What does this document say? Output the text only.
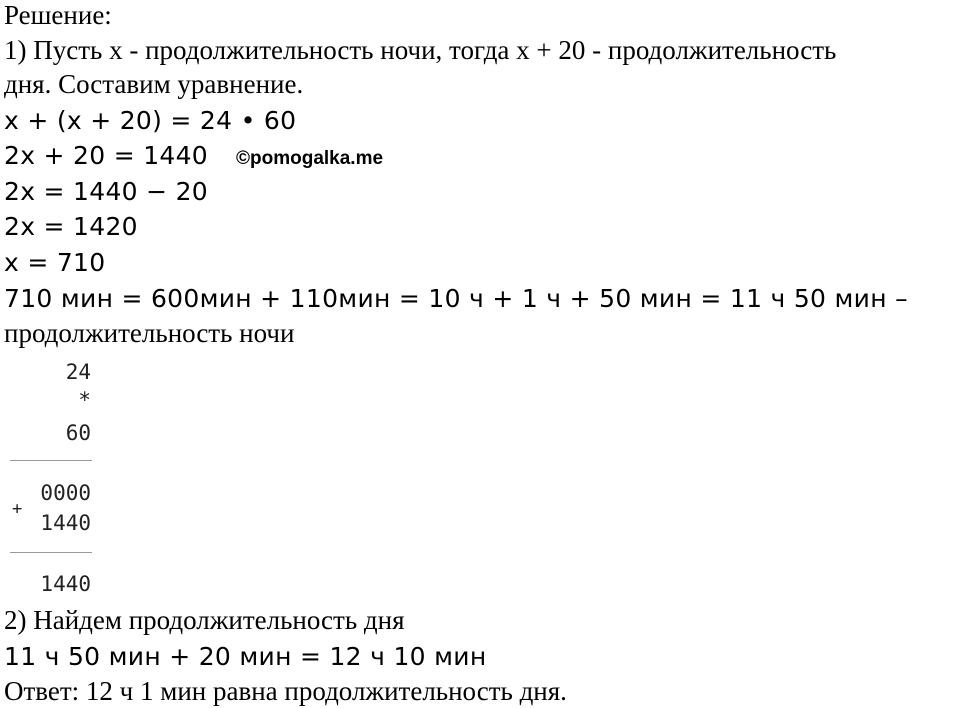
Решение:
1) Пусть x - продолжительность ночи, тогда x + 20 - продолжительность
дня. Составим уравнение.
x + (x + 20) = 24 • 60
2x + 20 = 1440 ©pomogalka.me
2x = 1440 − 20
2x = 1420
x = 710
710 мин = 600мин + 110мин = 10 ч + 1 ч + 50 мин = 11 ч 50 мин –
продолжительность ночи
24
*
60
0000
+
1440
1440
2) Найдем продолжительность дня
11 ч 50 мин + 20 мин = 12 ч 10 мин
Ответ: 12 ч 1 мин равна продолжительность дня.
